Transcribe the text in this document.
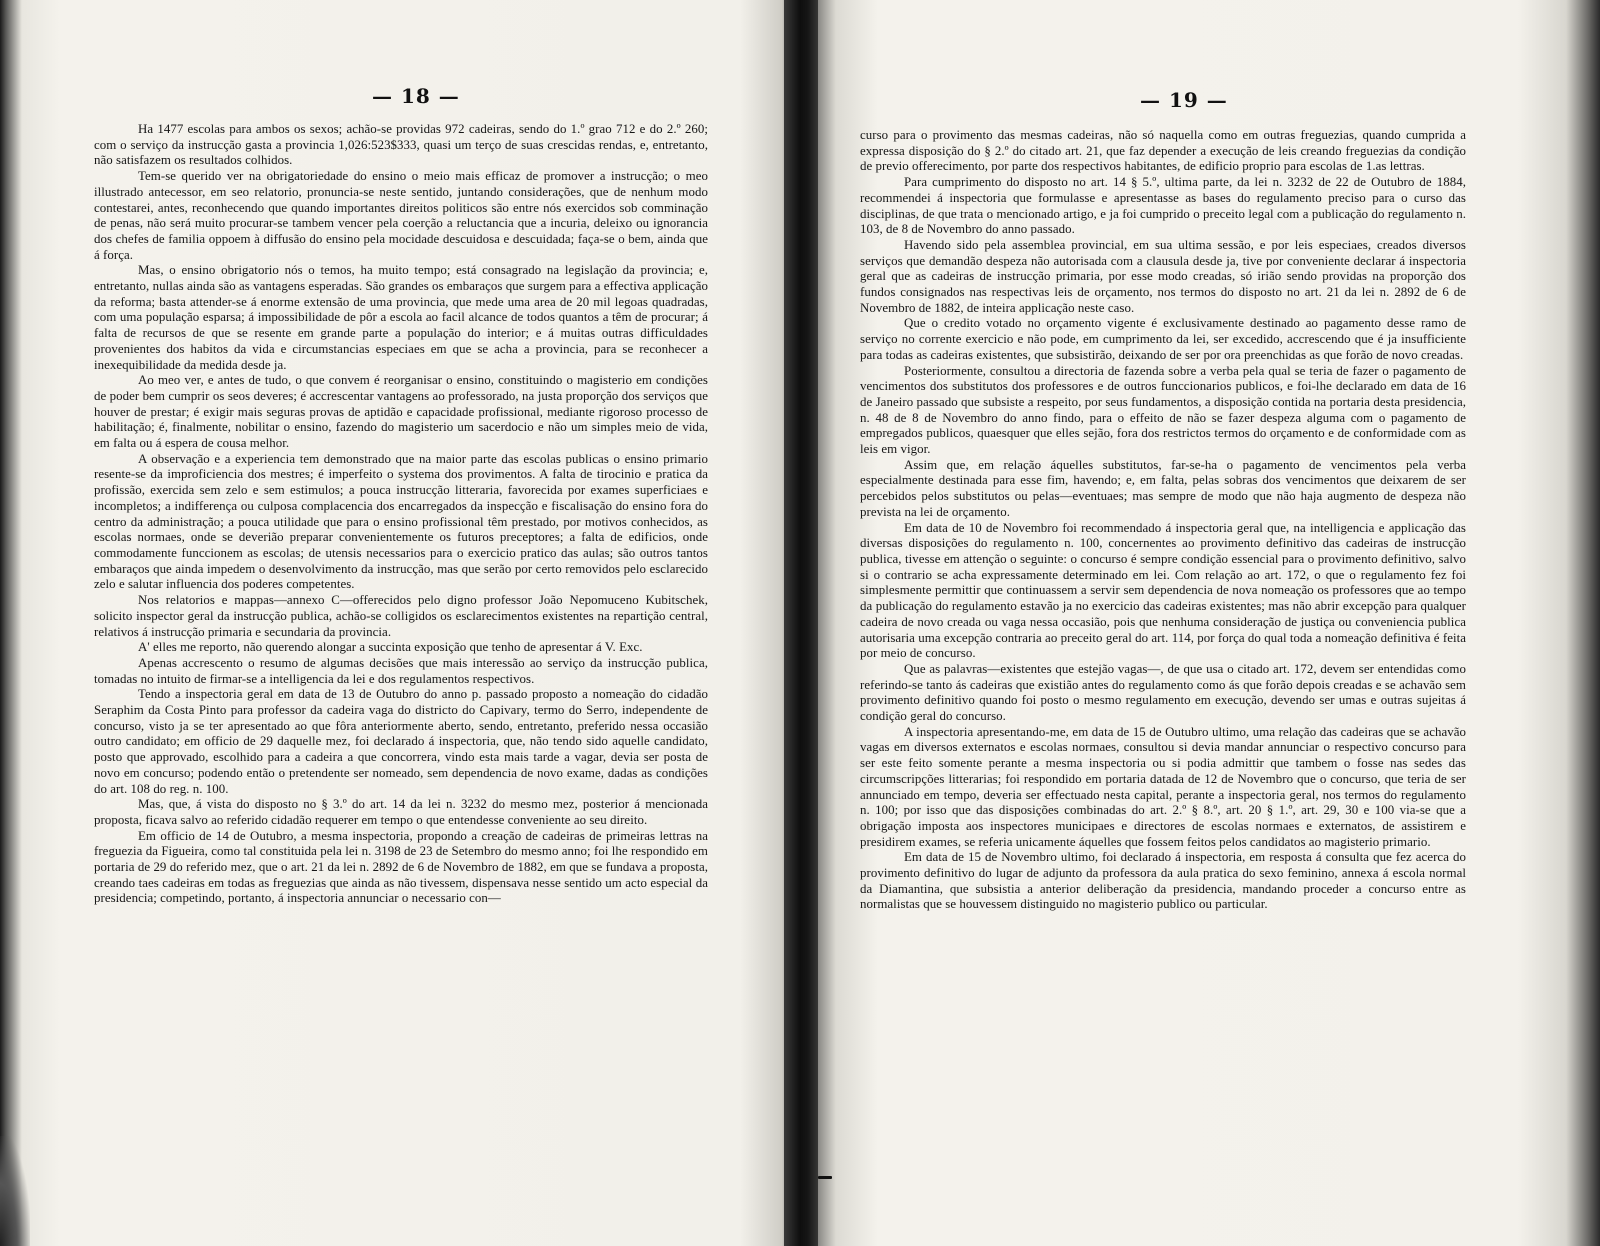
— 18 —

Ha 1477 escolas para ambos os sexos; achão-se providas 972 cadeiras, sendo do 1.º grao 712 e do 2.º 260; com o serviço da instrucção gasta a provincia 1,026:523$333, quasi um terço de suas crescidas rendas, e, entretanto, não satisfazem os resultados colhidos.

Tem-se querido ver na obrigatoriedade do ensino o meio mais efficaz de promover a instrucção; o meo illustrado antecessor, em seo relatorio, pronuncia-se neste sentido, juntando considerações, que de nenhum modo contestarei, antes, reconhecendo que quando importantes direitos politicos são entre nós exercidos sob comminação de penas, não será muito procurar-se tambem vencer pela coerção a reluctancia que a incuria, deleixo ou ignorancia dos chefes de familia oppoem à diffusão do ensino pela mocidade descuidosa e descuidada; faça-se o bem, ainda que á força.

Mas, o ensino obrigatorio nós o temos, ha muito tempo; está consagrado na legislação da provincia; e, entretanto, nullas ainda são as vantagens esperadas. São grandes os embaraços que surgem para a effectiva applicação da reforma; basta attender-se á enorme extensão de uma provincia, que mede uma area de 20 mil legoas quadradas, com uma população esparsa; á impossibilidade de pôr a escola ao facil alcance de todos quantos a têm de procurar; á falta de recursos de que se resente em grande parte a população do interior; e á muitas outras difficuldades provenientes dos habitos da vida e circumstancias especiaes em que se acha a provincia, para se reconhecer a inexequibilidade da medida desde ja.

Ao meo ver, e antes de tudo, o que convem é reorganisar o ensino, constituindo o magisterio em condições de poder bem cumprir os seos deveres; é accrescentar vantagens ao professorado, na justa proporção dos serviços que houver de prestar; é exigir mais seguras provas de aptidão e capacidade profissional, mediante rigoroso processo de habilitação; é, finalmente, nobilitar o ensino, fazendo do magisterio um sacerdocio e não um simples meio de vida, em falta ou á espera de cousa melhor.

A observação e a experiencia tem demonstrado que na maior parte das escolas publicas o ensino primario resente-se da improficiencia dos mestres; é imperfeito o systema dos provimentos. A falta de tirocinio e pratica da profissão, exercida sem zelo e sem estimulos; a pouca instrucção litteraria, favorecida por exames superficiaes e incompletos; a indifferença ou culposa complacencia dos encarregados da inspecção e fiscalisação do ensino fora do centro da administração; a pouca utilidade que para o ensino profissional têm prestado, por motivos conhecidos, as escolas normaes, onde se deverião preparar convenientemente os futuros preceptores; a falta de edificios, onde commodamente funccionem as escolas; de utensis necessarios para o exercicio pratico das aulas; são outros tantos embaraços que ainda impedem o desenvolvimento da instrucção, mas que serão por certo removidos pelo esclarecido zelo e salutar influencia dos poderes competentes.

Nos relatorios e mappas—annexo C—offerecidos pelo digno professor João Nepomuceno Kubitschek, solicito inspector geral da instrucção publica, achão-se colligidos os esclarecimentos existentes na repartição central, relativos á instrucção primaria e secundaria da provincia.

A' elles me reporto, não querendo alongar a succinta exposição que tenho de apresentar á V. Exc.

Apenas accrescento o resumo de algumas decisões que mais interessão ao serviço da instrucção publica, tomadas no intuito de firmar-se a intelligencia da lei e dos regulamentos respectivos.

Tendo a inspectoria geral em data de 13 de Outubro do anno p. passado proposto a nomeação do cidadão Seraphim da Costa Pinto para professor da cadeira vaga do districto do Capivary, termo do Serro, independente de concurso, visto ja se ter apresentado ao que fôra anteriormente aberto, sendo, entretanto, preferido nessa occasião outro candidato; em officio de 29 daquelle mez, foi declarado á inspectoria, que, não tendo sido aquelle candidato, posto que approvado, escolhido para a cadeira a que concorrera, vindo esta mais tarde a vagar, devia ser posta de novo em concurso; podendo então o pretendente ser nomeado, sem dependencia de novo exame, dadas as condições do art. 108 do reg. n. 100.

Mas, que, á vista do disposto no § 3.º do art. 14 da lei n. 3232 do mesmo mez, posterior á mencionada proposta, ficava salvo ao referido cidadão requerer em tempo o que entendesse conveniente ao seu direito.

Em officio de 14 de Outubro, a mesma inspectoria, propondo a creação de cadeiras de primeiras lettras na freguezia da Figueira, como tal constituida pela lei n. 3198 de 23 de Setembro do mesmo anno; foi lhe respondido em portaria de 29 do referido mez, que o art. 21 da lei n. 2892 de 6 de Novembro de 1882, em que se fundava a proposta, creando taes cadeiras em todas as freguezias que ainda as não tivessem, dispensava nesse sentido um acto especial da presidencia; competindo, portanto, á inspectoria annunciar o necessario con—

— 19 —

curso para o provimento das mesmas cadeiras, não só naquella como em outras freguezias, quando cumprida a expressa disposição do § 2.º do citado art. 21, que faz depender a execução de leis creando freguezias da condição de previo offerecimento, por parte dos respectivos habitantes, de edificio proprio para escolas de 1.as lettras.

Para cumprimento do disposto no art. 14 § 5.º, ultima parte, da lei n. 3232 de 22 de Outubro de 1884, recommendei á inspectoria que formulasse e apresentasse as bases do regulamento preciso para o curso das disciplinas, de que trata o mencionado artigo, e ja foi cumprido o preceito legal com a publicação do regulamento n. 103, de 8 de Novembro do anno passado.

Havendo sido pela assemblea provincial, em sua ultima sessão, e por leis especiaes, creados diversos serviços que demandão despeza não autorisada com a clausula desde ja, tive por conveniente declarar á inspectoria geral que as cadeiras de instrucção primaria, por esse modo creadas, só irião sendo providas na proporção dos fundos consignados nas respectivas leis de orçamento, nos termos do disposto no art. 21 da lei n. 2892 de 6 de Novembro de 1882, de inteira applicação neste caso.

Que o credito votado no orçamento vigente é exclusivamente destinado ao pagamento desse ramo de serviço no corrente exercicio e não pode, em cumprimento da lei, ser excedido, accrescendo que é ja insufficiente para todas as cadeiras existentes, que subsistirão, deixando de ser por ora preenchidas as que forão de novo creadas.

Posteriormente, consultou a directoria de fazenda sobre a verba pela qual se teria de fazer o pagamento de vencimentos dos substitutos dos professores e de outros funccionarios publicos, e foi-lhe declarado em data de 16 de Janeiro passado que subsiste a respeito, por seus fundamentos, a disposição contida na portaria desta presidencia, n. 48 de 8 de Novembro do anno findo, para o effeito de não se fazer despeza alguma com o pagamento de empregados publicos, quaesquer que elles sejão, fora dos restrictos termos do orçamento e de conformidade com as leis em vigor.

Assim que, em relação áquelles substitutos, far-se-ha o pagamento de vencimentos pela verba especialmente destinada para esse fim, havendo; e, em falta, pelas sobras dos vencimentos que deixarem de ser percebidos pelos substitutos ou pelas—eventuaes; mas sempre de modo que não haja augmento de despeza não prevista na lei de orçamento.

Em data de 10 de Novembro foi recommendado á inspectoria geral que, na intelligencia e applicação das diversas disposições do regulamento n. 100, concernentes ao provimento definitivo das cadeiras de instrucção publica, tivesse em attenção o seguinte: o concurso é sempre condição essencial para o provimento definitivo, salvo si o contrario se acha expressamente determinado em lei. Com relação ao art. 172, o que o regulamento fez foi simplesmente permittir que continuassem a servir sem dependencia de nova nomeação os professores que ao tempo da publicação do regulamento estavão ja no exercicio das cadeiras existentes; mas não abrir excepção para qualquer cadeira de novo creada ou vaga nessa occasião, pois que nenhuma consideração de justiça ou conveniencia publica autorisaria uma excepção contraria ao preceito geral do art. 114, por força do qual toda a nomeação definitiva é feita por meio de concurso.

Que as palavras—existentes que estejão vagas—, de que usa o citado art. 172, devem ser entendidas como referindo-se tanto ás cadeiras que existião antes do regulamento como ás que forão depois creadas e se achavão sem provimento definitivo quando foi posto o mesmo regulamento em execução, devendo ser umas e outras sujeitas á condição geral do concurso.

A inspectoria apresentando-me, em data de 15 de Outubro ultimo, uma relação das cadeiras que se achavão vagas em diversos externatos e escolas normaes, consultou si devia mandar annunciar o respectivo concurso para ser este feito somente perante a mesma inspectoria ou si podia admittir que tambem o fosse nas sedes das circumscripções litterarias; foi respondido em portaria datada de 12 de Novembro que o concurso, que teria de ser annunciado em tempo, deveria ser effectuado nesta capital, perante a inspectoria geral, nos termos do regulamento n. 100; por isso que das disposições combinadas do art. 2.º § 8.º, art. 20 § 1.º, art. 29, 30 e 100 via-se que a obrigação imposta aos inspectores municipaes e directores de escolas normaes e externatos, de assistirem e presidirem exames, se referia unicamente áquelles que fossem feitos pelos candidatos ao magisterio primario.

Em data de 15 de Novembro ultimo, foi declarado á inspectoria, em resposta á consulta que fez acerca do provimento definitivo do lugar de adjunto da professora da aula pratica do sexo feminino, annexa á escola normal da Diamantina, que subsistia a anterior deliberação da presidencia, mandando proceder a concurso entre as normalistas que se houvessem distinguido no magisterio publico ou particular.
